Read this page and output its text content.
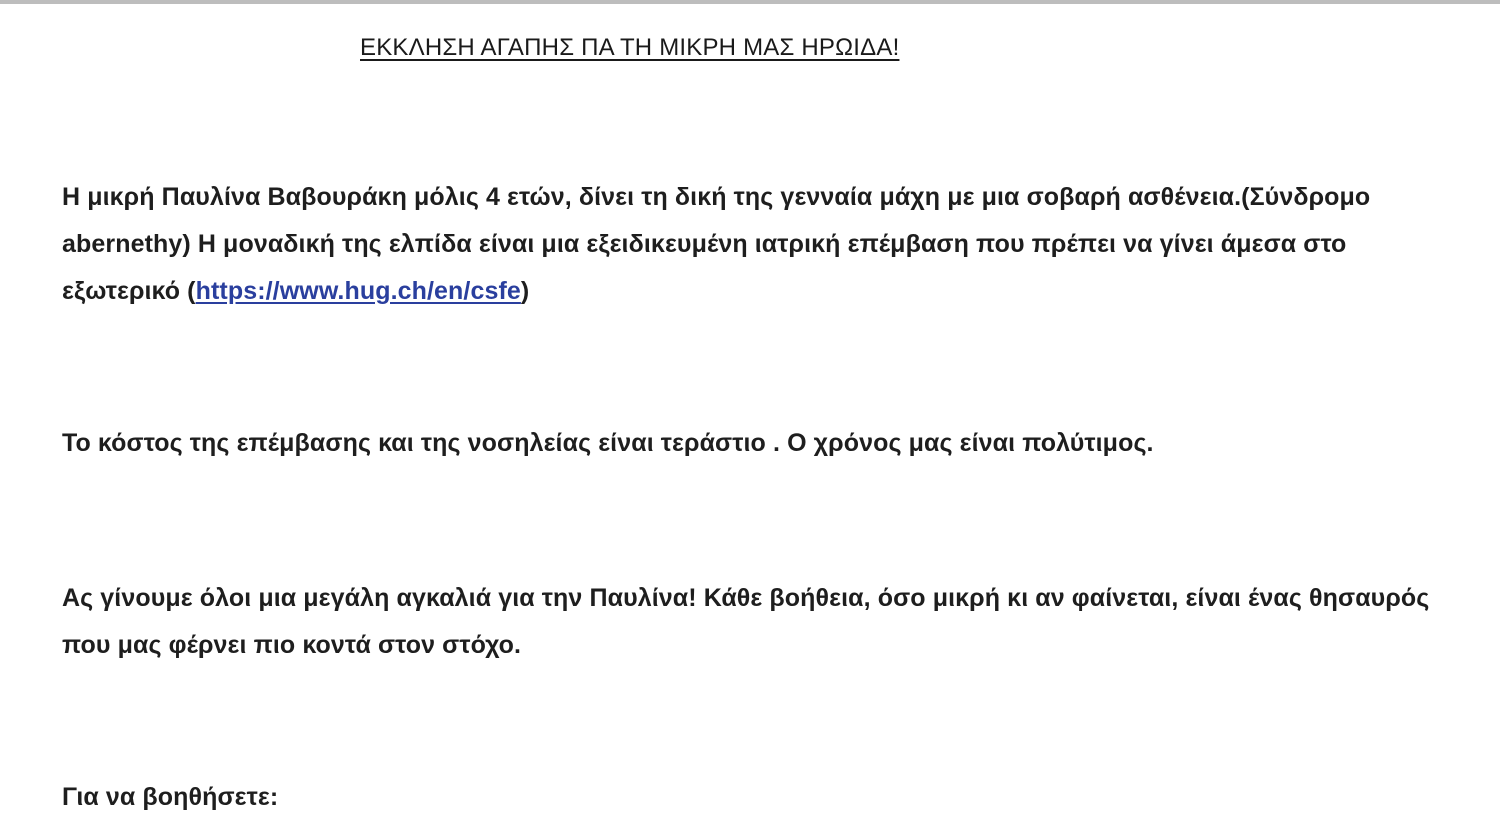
ΕΚΚΛΗΣΗ ΑΓΑΠΗΣ ΠΑ ΤΗ ΜΙΚΡΗ ΜΑΣ ΗΡΩΙΔΑ!

Η μικρή Παυλίνα Βαβουράκη μόλις 4 ετών, δίνει τη δική της γενναία μάχη με μια σοβαρή ασθένεια.(Σύνδρομο abernethy) Η μοναδική της ελπίδα είναι μια εξειδικευμένη ιατρική επέμβαση που πρέπει να γίνει άμεσα στο εξωτερικό (https://www.hug.ch/en/csfe)

Το κόστος της επέμβασης και της νοσηλείας είναι τεράστιο . Ο χρόνος μας είναι πολύτιμος.

Ας γίνουμε όλοι μια μεγάλη αγκαλιά για την Παυλίνα! Κάθε βοήθεια, όσο μικρή κι αν φαίνεται, είναι ένας θησαυρός που μας φέρνει πιο κοντά στον στόχο.

Για να βοηθήσετε:
